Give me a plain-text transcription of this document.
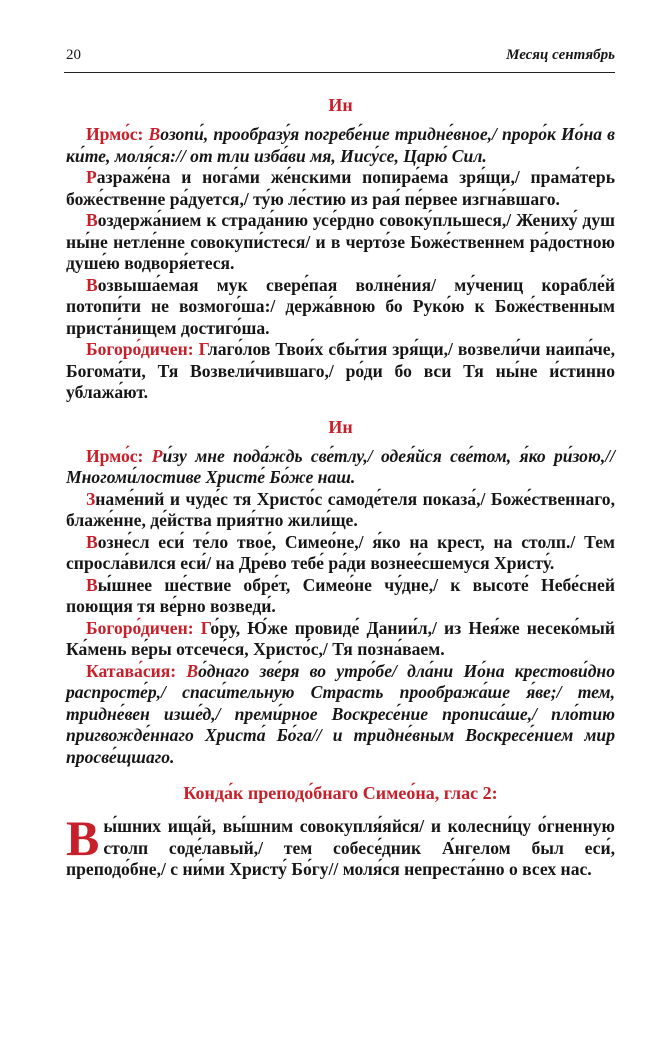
20	Месяц сентябрь
Ин

Ирмо́с: Возопи́, прообразу́я погребе́ние тридне́вное,/ проро́к Ио́на в ки́те, моля́ся:// от тли изба́ви мя, Иису́се, Царю́ Сил.

Разраже́на и нога́ми же́нскими попира́ема зря́щи,/ прама́терь боже́ственне ра́дуется,/ ту́ю ле́стию из рая́ пе́рвее изгна́вшаго.

Воздержа́нием к страда́нию усе́рдно совоку́пльшеся,/ Жениху́ душ ны́не нетле́нне совокупи́стеся/ и в черто́зе Боже́ственнем ра́достною душе́ю водворя́етеся.

Возвыша́емая мук свере́пая волне́ния/ му́чениц корабле́й потопи́ти не возмого́ша:/ держа́вною бо Руко́ю к Боже́ственным приста́нищем достиго́ша.

Богоро́дичен: Глаго́лов Твои́х сбы́тия зря́щи,/ возвели́чи наипа́че, Богома́ти, Тя Возвели́чившаго,/ ро́ди бо вси Тя ны́не и́стинно ублажа́ют.

Ин

Ирмо́с: Ри́зу мне пода́ждь све́тлу,/ одея́йся све́том, я́ко ри́зою,// Многоми́лостиве Христе́ Бо́же наш.

Знаме́ний и чуде́с тя Христо́с самоде́теля показа́,/ Боже́ственнаго, блаже́нне, де́йства прия́тно жили́ще.

Возне́сл еси́ те́ло твое́, Симео́не,/ я́ко на крест, на столп./ Тем спросла́вился еси́/ на Дре́во тебе́ ра́ди вознее́сшемуся Христу́.

Вы́шнее ше́ствие обре́т, Симео́не чу́дне,/ к высоте́ Небе́сней поющия тя ве́рно возведи́.

Богоро́дичен: Го́ру, Ю́же провиде́ Дании́л,/ из Нея́же несеко́мый Ка́мень ве́ры отсече́ся, Христо́с,/ Тя позна́ваем.

Катава́сия: Во́днаго зве́ря во утро́бе/ дла́ни Ио́на крестови́дно распросте́р,/ спаси́тельную Страсть прообража́ше я́ве;/ тем, тридне́вен изше́д,/ преми́рное Воскресе́ние прописа́ше,/ пло́тию пригвожде́ннаго Христа́ Бо́га// и тридне́вным Воскресе́нием мир просве́щшаго.

Конда́к преподо́бнаго Симео́на, глас 2:

Вы́шних ища́й, вы́шним совокупля́яйся/ и колесни́цу о́гненную столп соде́лавый,/ тем собесе́дник А́нгелом был еси́, преподо́бне,/ с ни́ми Христу́ Бо́гу// моля́ся непреста́нно о всех нас.
